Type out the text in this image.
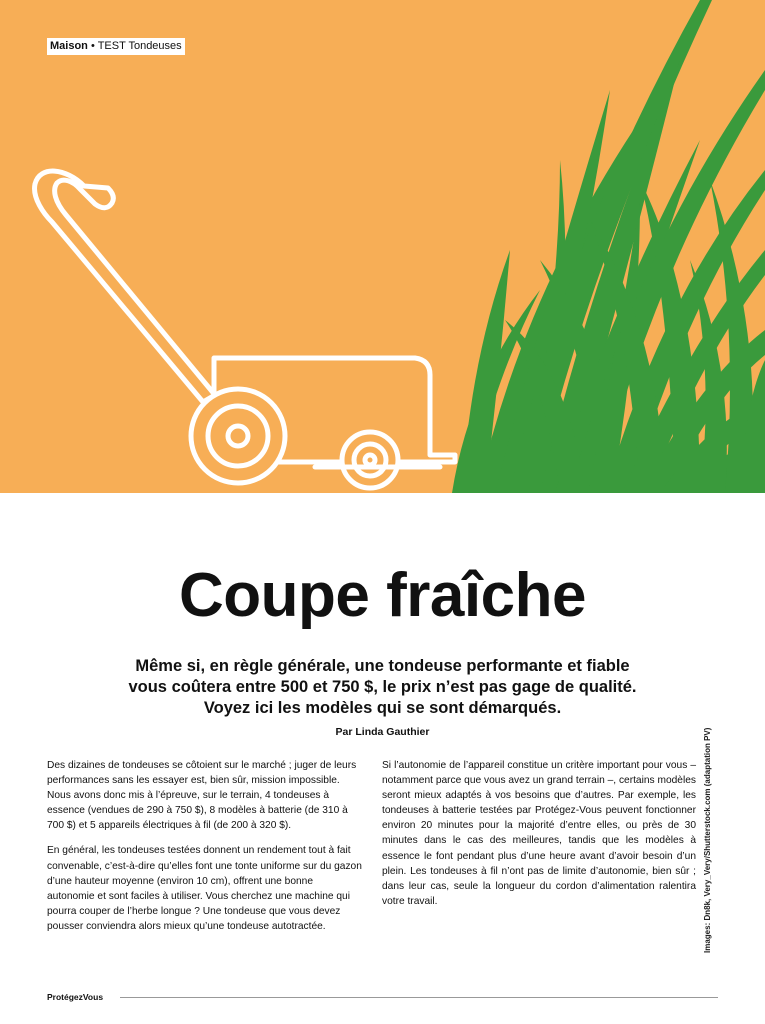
Maison • TEST Tondeuses
Coupe fraîche
Même si, en règle générale, une tondeuse performante et fiable
vous coûtera entre 500 et 750 $, le prix n’est pas gage de qualité.
Voyez ici les modèles qui se sont démarqués.
Par Linda Gauthier

Des dizaines de tondeuses se côtoient sur le marché ; juger de leurs performances sans les essayer est, bien sûr, mission impossible. Nous avons donc mis à l’épreuve, sur le terrain, 4 tondeuses à essence (vendues de 290 à 750 $), 8 modèles à batterie (de 310 à 700 $) et 5 appareils électriques à fil (de 200 à 320 $).

En général, les tondeuses testées donnent un rendement tout à fait convenable, c’est-à-dire qu’elles font une tonte uniforme sur du gazon d’une hauteur moyenne (environ 10 cm), offrent une bonne autonomie et sont faciles à utiliser. Vous cherchez une machine qui pourra couper de l’herbe longue ? Une tondeuse que vous devez pousser conviendra alors mieux qu’une tondeuse autotractée.

Si l’autonomie de l’appareil constitue un critère important pour vous – notamment parce que vous avez un grand terrain –, certains modèles seront mieux adaptés à vos besoins que d’autres. Par exemple, les tondeuses à batterie testées par Protégez-Vous peuvent fonctionner environ 20 minutes pour la majorité d’entre elles, ou près de 30 minutes dans le cas des meilleures, tandis que les modèles à essence le font pendant plus d’une heure avant d’avoir besoin d’un plein. Les tondeuses à fil n’ont pas de limite d’autonomie, bien sûr ; dans leur cas, seule la longueur du cordon d’alimentation ralentira votre travail.	Images: Dn8k, Very_Very/Shutterstock.com (adaptation PV)
ProtégezVous
